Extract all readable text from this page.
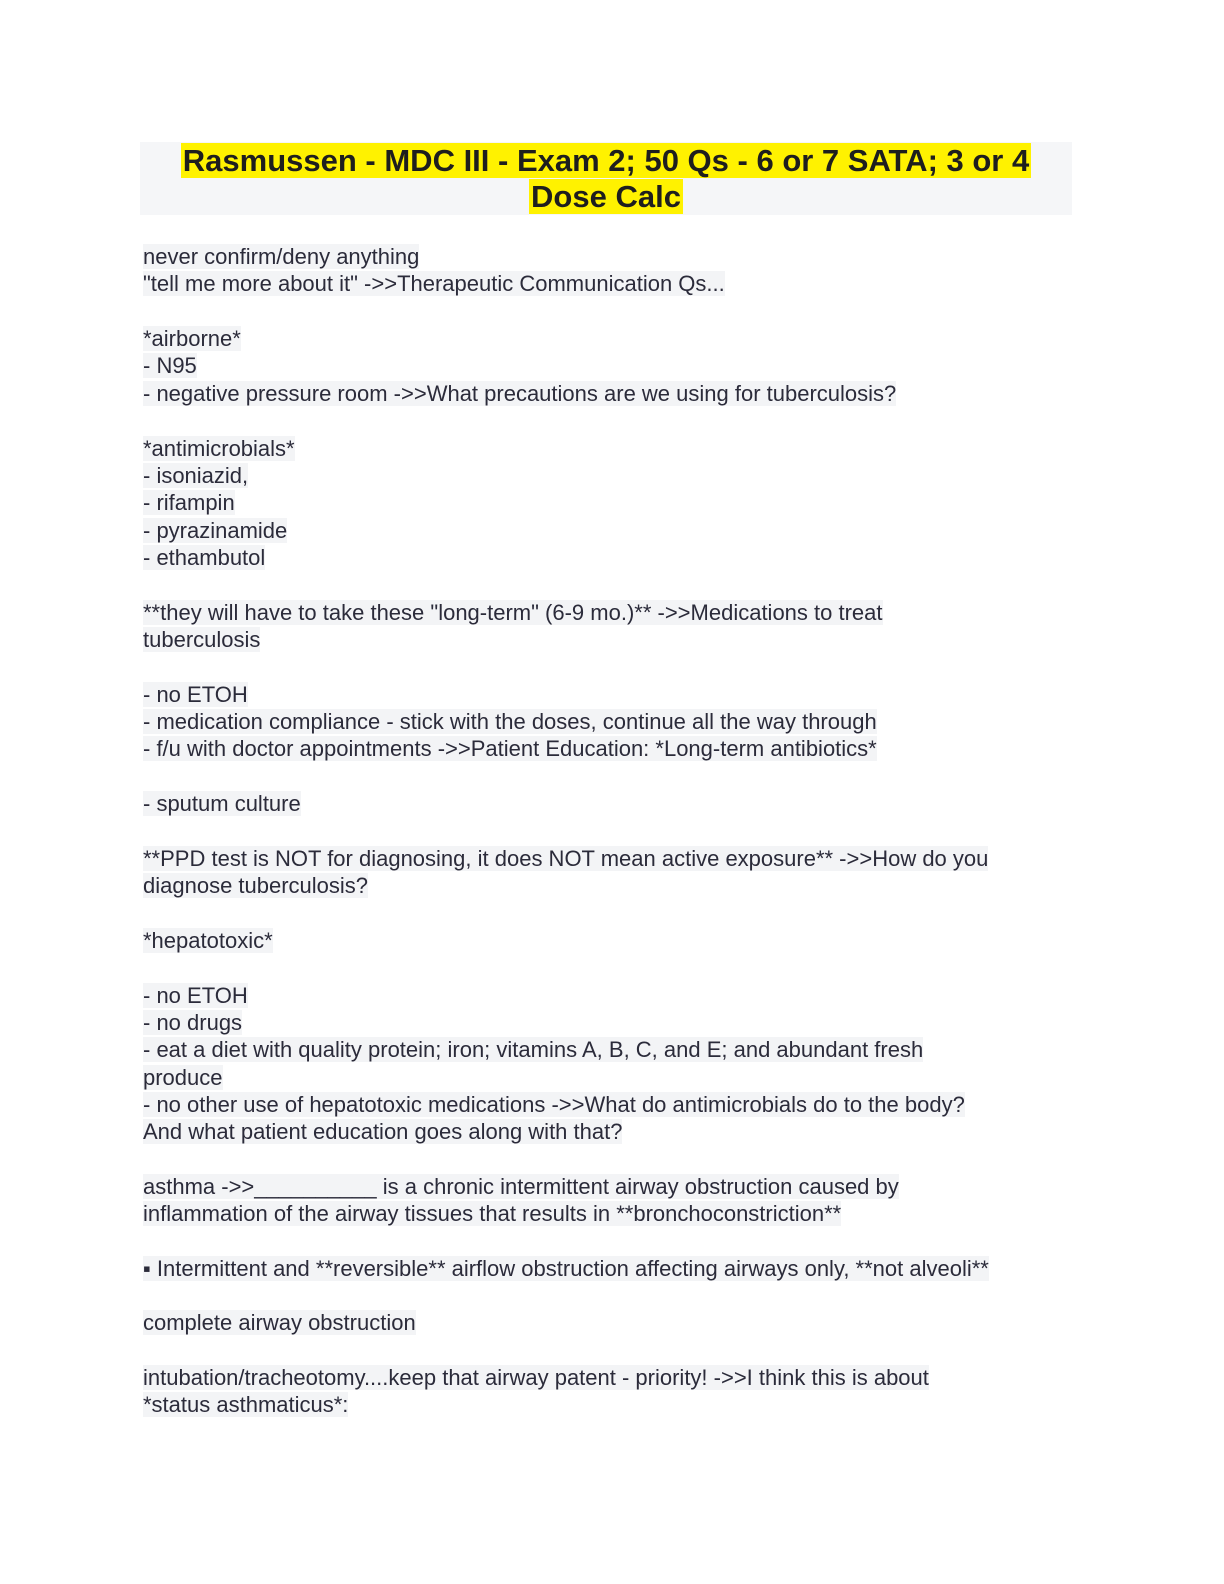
Rasmussen - MDC III - Exam 2; 50 Qs - 6 or 7 SATA; 3 or 4
Dose Calc
never confirm/deny anything
"tell me more about it" ->>Therapeutic Communication Qs...
*airborne*
- N95
- negative pressure room ->>What precautions are we using for tuberculosis?
*antimicrobials*
- isoniazid,
- rifampin
- pyrazinamide
- ethambutol
**they will have to take these "long-term" (6-9 mo.)** ->>Medications to treat
tuberculosis
- no ETOH
- medication compliance - stick with the doses, continue all the way through
- f/u with doctor appointments ->>Patient Education: *Long-term antibiotics*
- sputum culture
**PPD test is NOT for diagnosing, it does NOT mean active exposure** ->>How do you
diagnose tuberculosis?
*hepatotoxic*
- no ETOH
- no drugs
- eat a diet with quality protein; iron; vitamins A, B, C, and E; and abundant fresh
produce
- no other use of hepatotoxic medications ->>What do antimicrobials do to the body?
And what patient education goes along with that?
asthma ->>__________ is a chronic intermittent airway obstruction caused by
inflammation of the airway tissues that results in **bronchoconstriction**
▪ Intermittent and **reversible** airflow obstruction affecting airways only, **not alveoli**
complete airway obstruction
intubation/tracheotomy....keep that airway patent - priority! ->>I think this is about
*status asthmaticus*:
